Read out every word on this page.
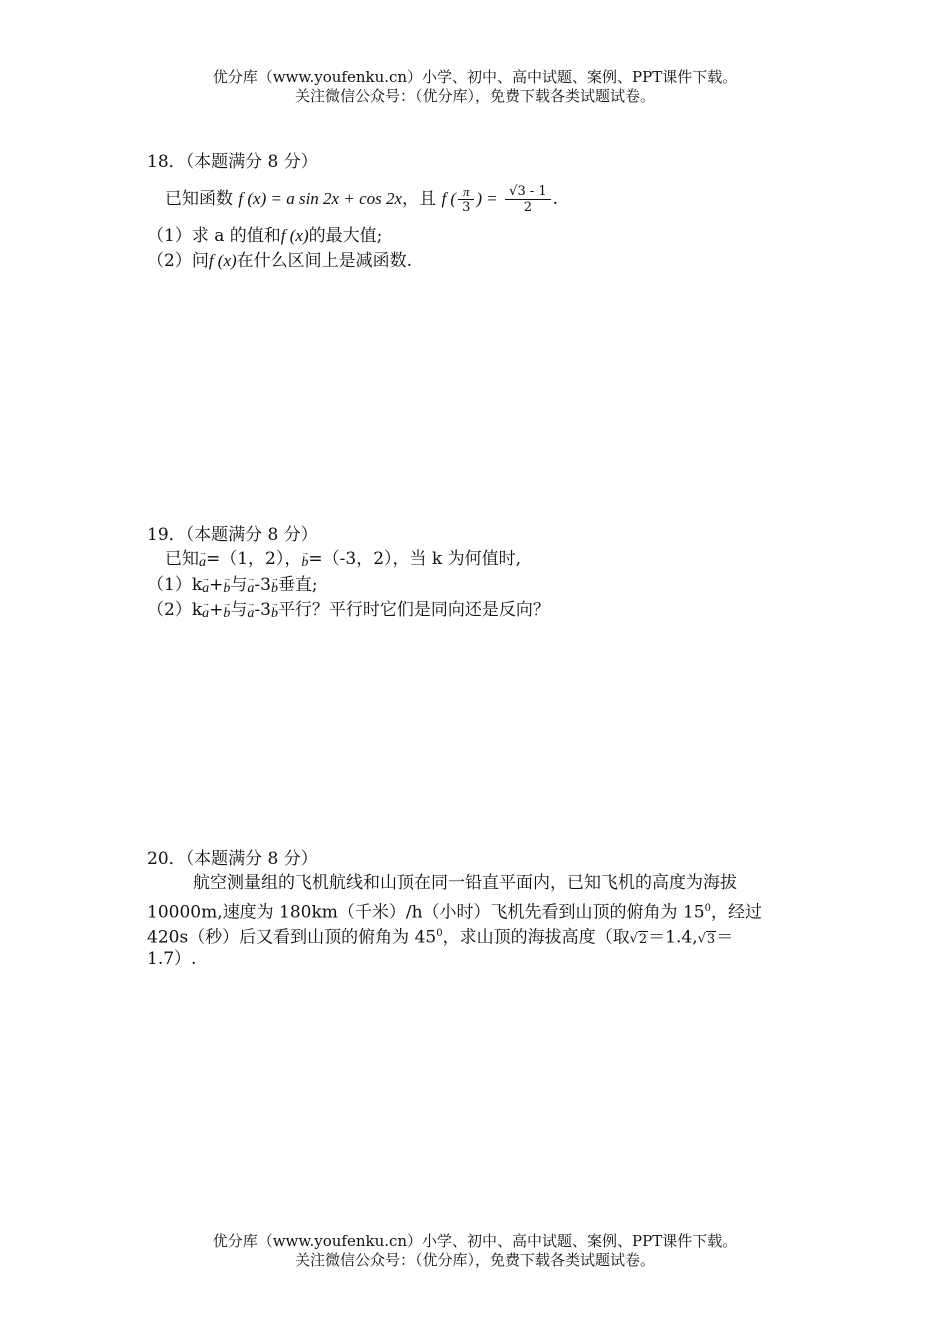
优分库（www.youfenku.cn）小学、初中、高中试题、案例、PPT课件下载。
关注微信公众号：（优分库），免费下载各类试题试卷。
18．（本题满分 8 分）
已知函数 f (x) = a sin 2x + cos 2x，且 f ( $\frac{\pi}{3}$ ) = $\frac{√3 - 1}{2}$ .
（1）求 a 的值和f (x)的最大值;
（2）问f (x)在什么区间上是减函数.
19．（本题满分 8 分）
已知→ a=（1，2），→ b=（-3，2），当 k 为何值时,
（1）k→ a+→ b与→ a-3→ b垂直;
（2）k→ a+→ b与→ a-3→ b平行？平行时它们是同向还是反向？
20．（本题满分 8 分）
航空测量组的飞机航线和山顶在同一铅直平面内，已知飞机的高度为海拔
10000m,速度为 180km（千米）/h（小时）飞机先看到山顶的俯角为 $15^0$，经过
420s（秒）后又看到山顶的俯角为 $45^0$，求山顶的海拔高度（取√2＝1.4,√3＝
1.7）.
优分库（www.youfenku.cn）小学、初中、高中试题、案例、PPT课件下载。
关注微信公众号：（优分库），免费下载各类试题试卷。
